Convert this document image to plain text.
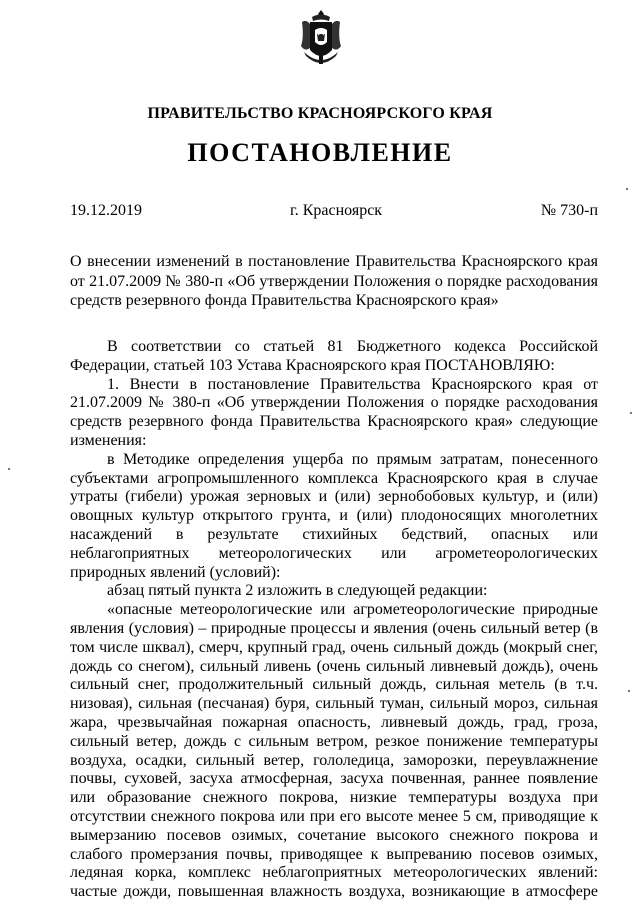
ПРАВИТЕЛЬСТВО КРАСНОЯРСКОГО КРАЯ
ПОСТАНОВЛЕНИЕ
19.12.2019	г. Красноярск	№ 730-п
О внесении изменений в постановление Правительства Красноярского края от 21.07.2009 № 380-п «Об утверждении Положения о порядке расходования средств резервного фонда Правительства Красноярского края»

В соответствии со статьей 81 Бюджетного кодекса Российской Федерации, статьей 103 Устава Красноярского края ПОСТАНОВЛЯЮ:

1. Внести в постановление Правительства Красноярского края от 21.07.2009 № 380-п «Об утверждении Положения о порядке расходования средств резервного фонда Правительства Красноярского края» следующие изменения:

в Методике определения ущерба по прямым затратам, понесенного субъектами агропромышленного комплекса Красноярского края в случае утраты (гибели) урожая зерновых и (или) зернобобовых культур, и (или) овощных культур открытого грунта, и (или) плодоносящих многолетних насаждений в результате стихийных бедствий, опасных или неблагоприятных метеорологических или агрометеорологических природных явлений (условий):

абзац пятый пункта 2 изложить в следующей редакции:

«опасные метеорологические или агрометеорологические природные явления (условия) – природные процессы и явления (очень сильный ветер (в том числе шквал), смерч, крупный град, очень сильный дождь (мокрый снег, дождь со снегом), сильный ливень (очень сильный ливневый дождь), очень сильный снег, продолжительный сильный дождь, сильная метель (в т.ч. низовая), сильная (песчаная) буря, сильный туман, сильный мороз, сильная жара, чрезвычайная пожарная опасность, ливневый дождь, град, гроза, сильный ветер, дождь с сильным ветром, резкое понижение температуры воздуха, осадки, сильный ветер, гололедица, заморозки, переувлажнение почвы, суховей, засуха атмосферная, засуха почвенная, раннее появление или образование снежного покрова, низкие температуры воздуха при отсутствии снежного покрова или при его высоте менее 5 см, приводящие к вымерзанию посевов озимых, сочетание высокого снежного покрова и слабого промерзания почвы, приводящее к выпреванию посевов озимых, ледяная корка, комплекс неблагоприятных метеорологических явлений: частые дожди, повышенная влажность воздуха, возникающие в атмосфере
